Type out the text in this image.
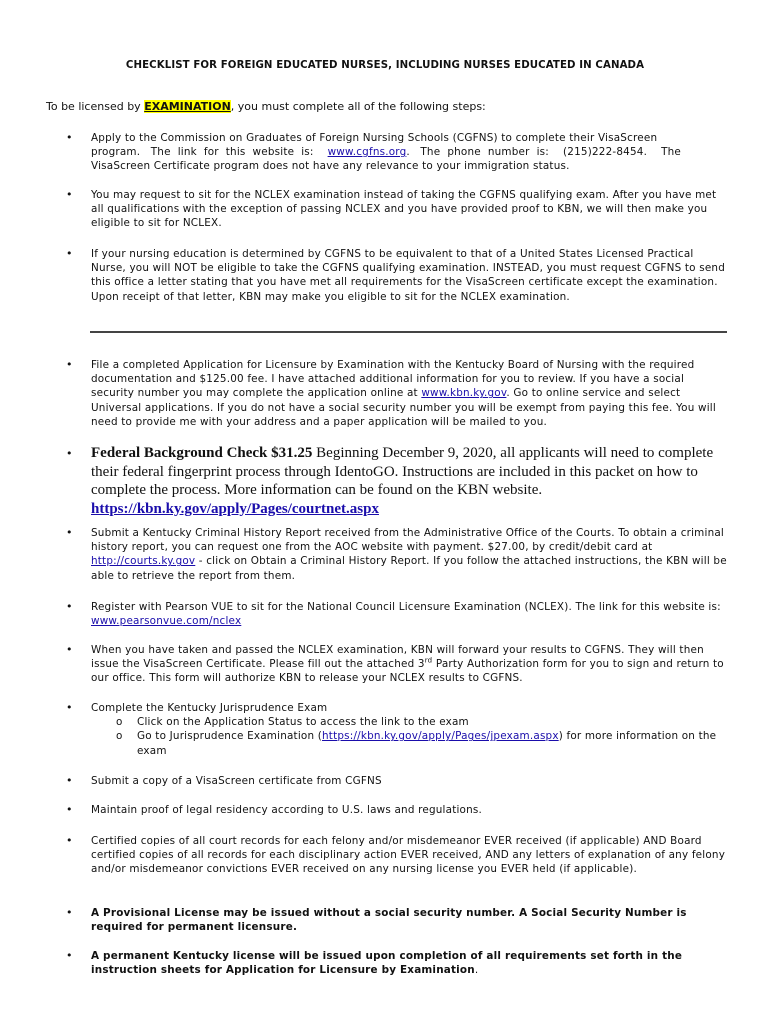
CHECKLIST FOR FOREIGN EDUCATED NURSES, INCLUDING NURSES EDUCATED IN CANADA
To be licensed by EXAMINATION, you must complete all of the following steps:
• Apply to the Commission on Graduates of Foreign Nursing Schools (CGFNS) to complete their VisaScreen
program.   The  link  for  this  website  is:    www.cgfns.org.   The  phone  number  is:    (215)222-8454.    The
VisaScreen Certificate program does not have any relevance to your immigration status.
• You may request to sit for the NCLEX examination instead of taking the CGFNS qualifying exam. After you have met all qualifications with the exception of passing NCLEX and you have provided proof to KBN, we will then make you eligible to sit for NCLEX.
• If your nursing education is determined by CGFNS to be equivalent to that of a United States Licensed Practical Nurse, you will NOT be eligible to take the CGFNS qualifying examination. INSTEAD, you must request CGFNS to send this office a letter stating that you have met all requirements for the VisaScreen certificate except the examination. Upon receipt of that letter, KBN may make you eligible to sit for the NCLEX examination.
• File a completed Application for Licensure by Examination with the Kentucky Board of Nursing with the required documentation and $125.00 fee. I have attached additional information for you to review. If you have a social security number you may complete the application online at www.kbn.ky.gov. Go to online service and select Universal applications. If you do not have a social security number you will be exempt from paying this fee. You will need to provide me with your address and a paper application will be mailed to you.
• Federal Background Check $31.25 Beginning December 9, 2020, all applicants will need to complete their federal fingerprint process through IdentoGO. Instructions are included in this packet on how to complete the process. More information can be found on the KBN website.
https://kbn.ky.gov/apply/Pages/courtnet.aspx
• Submit a Kentucky Criminal History Report received from the Administrative Office of the Courts. To obtain a criminal history report, you can request one from the AOC website with payment. $27.00, by credit/debit card at http://courts.ky.gov - click on Obtain a Criminal History Report. If you follow the attached instructions, the KBN will be able to retrieve the report from them.
• Register with Pearson VUE to sit for the National Council Licensure Examination (NCLEX). The link for this website is: www.pearsonvue.com/nclex
• When you have taken and passed the NCLEX examination, KBN will forward your results to CGFNS. They will then issue the VisaScreen Certificate. Please fill out the attached 3rd Party Authorization form for you to sign and return to our office. This form will authorize KBN to release your NCLEX results to CGFNS.
• Complete the Kentucky Jurisprudence Exam
o Click on the Application Status to access the link to the exam
o Go to Jurisprudence Examination (https://kbn.ky.gov/apply/Pages/jpexam.aspx) for more information on the exam
• Submit a copy of a VisaScreen certificate from CGFNS
• Maintain proof of legal residency according to U.S. laws and regulations.
• Certified copies of all court records for each felony and/or misdemeanor EVER received (if applicable) AND Board certified copies of all records for each disciplinary action EVER received, AND any letters of explanation of any felony and/or misdemeanor convictions EVER received on any nursing license you EVER held (if applicable).
• A Provisional License may be issued without a social security number. A Social Security Number is required for permanent licensure.
• A permanent Kentucky license will be issued upon completion of all requirements set forth in the instruction sheets for Application for Licensure by Examination.
